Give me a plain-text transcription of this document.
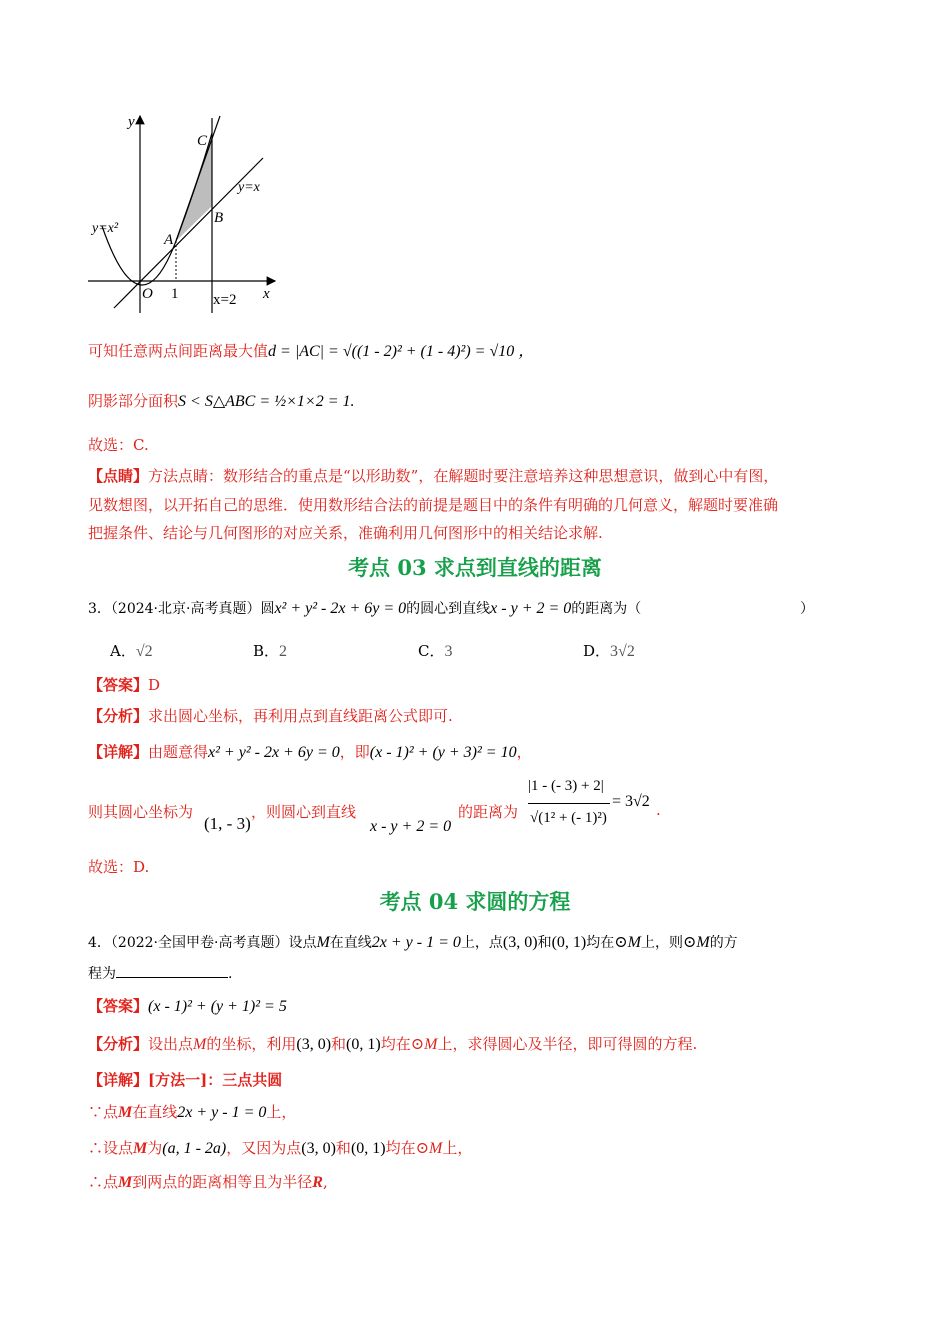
y
x
O 1
y=x²
y=x
x=2
A
B
C
可知任意两点间距离最大值d = |AC| = √((1 - 2)² + (1 - 4)²) = √10 ，
阴影部分面积S < S△ABC = ½×1×2 = 1.
故选：C.
【点睛】方法点睛：数形结合的重点是“以形助数”，在解题时要注意培养这种思想意识，做到心中有图，
见数想图，以开拓自己的思维．使用数形结合法的前提是题目中的条件有明确的几何意义，解题时要准确
把握条件、结论与几何图形的对应关系，准确利用几何图形中的相关结论求解.
考点 03 求点到直线的距离
3．（2024·北京·高考真题）圆x² + y² - 2x + 6y = 0的圆心到直线x - y + 2 = 0的距离为（	）
A．√2	B．2	C．3	D．3√2
【答案】D
【分析】求出圆心坐标，再利用点到直线距离公式即可.
【详解】由题意得x² + y² - 2x + 6y = 0，即(x - 1)² + (y + 3)² = 10，
则其圆心坐标为
(1, - 3)
，则圆心到直线
x - y + 2 = 0
的距离为
|1 - (- 3) + 2|
√(1² + (- 1)²)
= 3√2 .
故选：D.
考点 04 求圆的方程
4．（2022·全国甲卷·高考真题）设点M在直线2x + y - 1 = 0上，点(3, 0)和(0, 1)均在⊙M上，则⊙M的方
程为	.
【答案】(x - 1)² + (y + 1)² = 5
【分析】设出点M的坐标，利用(3, 0)和(0, 1)均在⊙M上，求得圆心及半径，即可得圆的方程.
【详解】[方法一]：三点共圆
∵点M在直线2x + y - 1 = 0上，
∴设点M为(a, 1 - 2a)，又因为点(3, 0)和(0, 1)均在⊙M上，
∴点M到两点的距离相等且为半径R,
